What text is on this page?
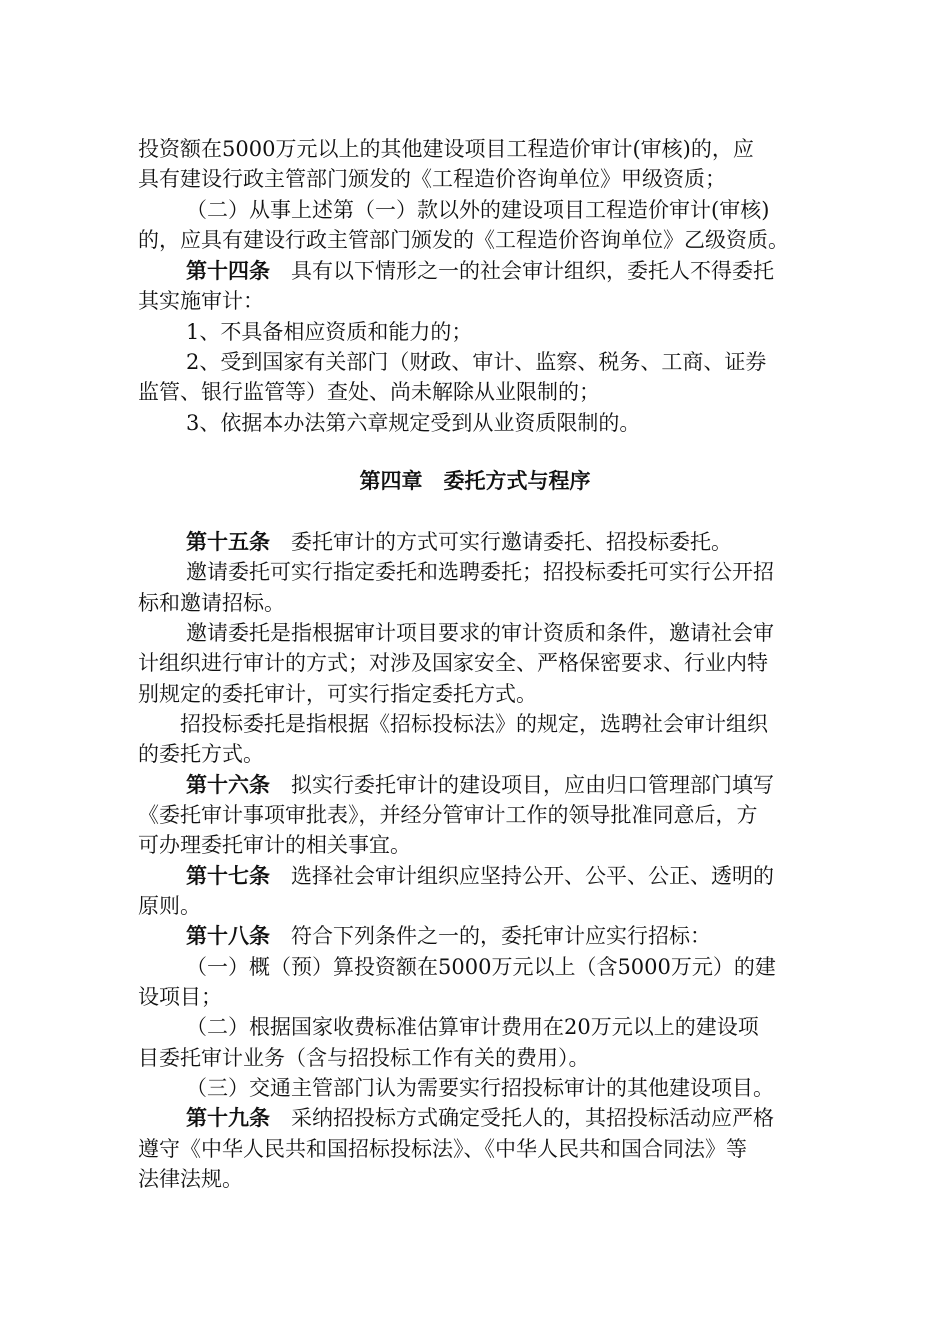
投资额在5000万元以上的其他建设项目工程造价审计(审核)的，应
具有建设行政主管部门颁发的《工程造价咨询单位》甲级资质；
（二）从事上述第（一）款以外的建设项目工程造价审计(审核)
的，应具有建设行政主管部门颁发的《工程造价咨询单位》乙级资质。
第十四条　 具有以下情形之一的社会审计组织，委托人不得委托
其实施审计：
1、不具备相应资质和能力的；
2、受到国家有关部门（财政、审计、监察、税务、工商、证券
监管、银行监管等）查处、尚未解除从业限制的；
3、依据本办法第六章规定受到从业资质限制的。
第四章　委托方式与程序
第十五条　 委托审计的方式可实行邀请委托、招投标委托。
邀请委托可实行指定委托和选聘委托；招投标委托可实行公开招
标和邀请招标。
邀请委托是指根据审计项目要求的审计资质和条件，邀请社会审
计组织进行审计的方式；对涉及国家安全、严格保密要求、行业内特
别规定的委托审计，可实行指定委托方式。
招投标委托是指根据《招标投标法》的规定，选聘社会审计组织
的委托方式。
第十六条　 拟实行委托审计的建设项目，应由归口管理部门填写
《委托审计事项审批表》，并经分管审计工作的领导批准同意后，方
可办理委托审计的相关事宜。
第十七条　 选择社会审计组织应坚持公开、公平、公正、透明的
原则。
第十八条　 符合下列条件之一的，委托审计应实行招标：
（一）概（预）算投资额在5000万元以上（含5000万元）的建
设项目；
（二）根据国家收费标准估算审计费用在20万元以上的建设项
目委托审计业务（含与招投标工作有关的费用）。
（三）交通主管部门认为需要实行招投标审计的其他建设项目。
第十九条　 采纳招投标方式确定受托人的，其招投标活动应严格
遵守《中华人民共和国招标投标法》、《中华人民共和国合同法》等
法律法规。
